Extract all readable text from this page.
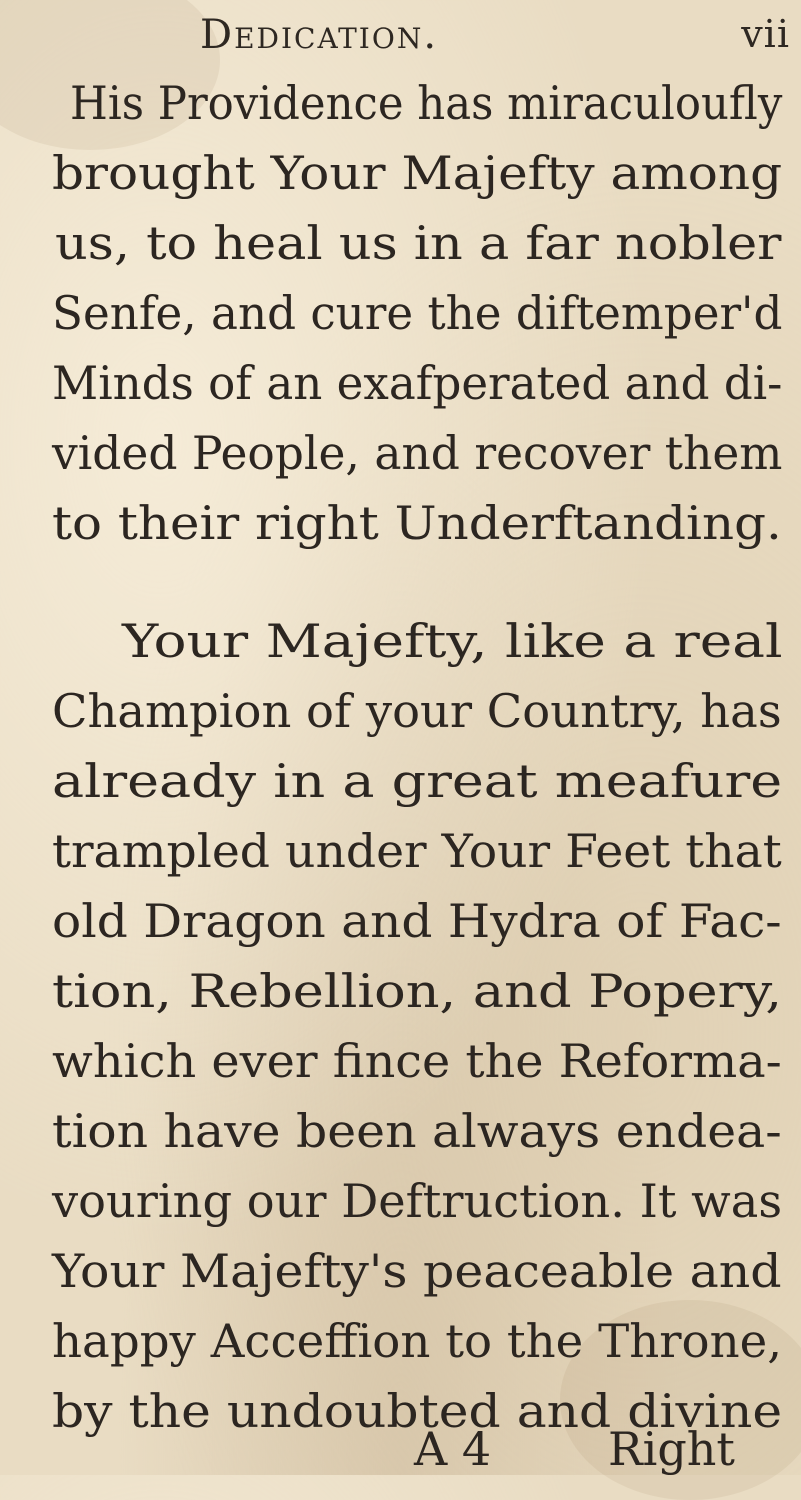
Dedication.	vii
His Providence has miraculoufly
brought Your Majefty among
us, to heal us in a far nobler
Senfe, and cure the diftemper'd
Minds of an exafperated and di-
vided People, and recover them
to their right Underftanding.
Your Majefty, like a real
Champion of your Country, has
already in a great meafure
trampled under Your Feet that
old Dragon and Hydra of Fac-
tion, Rebellion, and Popery,
which ever fince the Reforma-
tion have been always endea-
vouring our Deftruction. It was
Your Majefty's peaceable and
happy Acceffion to the Throne,
by the undoubted and divine
A 4	Right
